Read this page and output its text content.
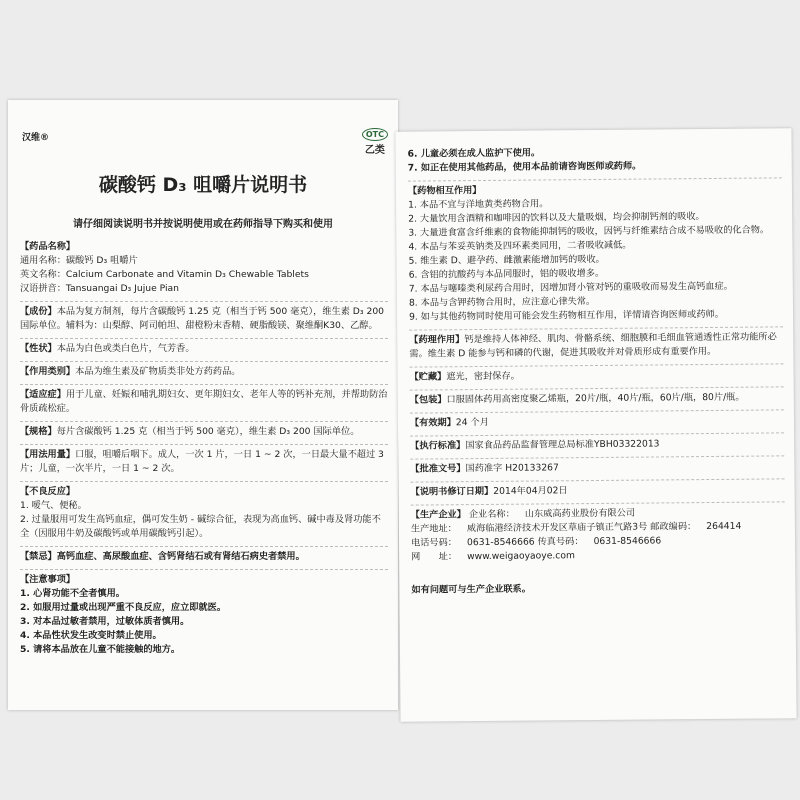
汉维®	OTC
乙类
碳酸钙 D₃ 咀嚼片说明书
请仔细阅读说明书并按说明使用或在药师指导下购买和使用
【药品名称】
通用名称：碳酸钙 D₃ 咀嚼片
英文名称：Calcium Carbonate and Vitamin D₃ Chewable Tablets
汉语拼音：Tansuangai D₃ Jujue Pian
【成份】本品为复方制剂，每片含碳酸钙 1.25 克（相当于钙 500 毫克），维生素 D₃ 200 国际单位。辅料为：山梨醇、阿司帕坦、甜橙粉末香精、硬脂酸镁、聚维酮K30、乙醇。
【性状】本品为白色或类白色片，气芳香。
【作用类别】本品为维生素及矿物质类非处方药药品。
【适应症】用于儿童、妊娠和哺乳期妇女、更年期妇女、老年人等的钙补充剂，并帮助防治骨质疏松症。
【规格】每片含碳酸钙 1.25 克（相当于钙 500 毫克），维生素 D₃ 200 国际单位。
【用法用量】口服，咀嚼后咽下。成人，一次 1 片，一日 1 ~ 2 次，一日最大量不超过 3 片；儿童，一次半片，一日 1 ~ 2 次。
【不良反应】
1. 嗳气、便秘。
2. 过量服用可发生高钙血症，偶可发生奶 - 碱综合征，表现为高血钙、碱中毒及肾功能不全（因服用牛奶及碳酸钙或单用碳酸钙引起）。
【禁忌】高钙血症、高尿酸血症、含钙肾结石或有肾结石病史者禁用。
【注意事项】
1. 心肾功能不全者慎用。
2. 如服用过量或出现严重不良反应，应立即就医。
3. 对本品过敏者禁用，过敏体质者慎用。
4. 本品性状发生改变时禁止使用。
5. 请将本品放在儿童不能接触的地方。
6. 儿童必须在成人监护下使用。
7. 如正在使用其他药品，使用本品前请咨询医师或药师。
【药物相互作用】
1. 本品不宜与洋地黄类药物合用。
2. 大量饮用含酒精和咖啡因的饮料以及大量吸烟，均会抑制钙剂的吸收。
3. 大量进食富含纤维素的食物能抑制钙的吸收，因钙与纤维素结合成不易吸收的化合物。
4. 本品与苯妥英钠类及四环素类同用，二者吸收减低。
5. 维生素 D、避孕药、雌激素能增加钙的吸收。
6. 含铝的抗酸药与本品同服时，铝的吸收增多。
7. 本品与噻嗪类利尿药合用时，因增加肾小管对钙的重吸收而易发生高钙血症。
8. 本品与含钾药物合用时，应注意心律失常。
9. 如与其他药物同时使用可能会发生药物相互作用，详情请咨询医师或药师。
【药理作用】钙是维持人体神经、肌肉、骨骼系统、细胞膜和毛细血管通透性正常功能所必需。维生素 D 能参与钙和磷的代谢，促进其吸收并对骨质形成有重要作用。
【贮藏】遮光，密封保存。
【包装】口服固体药用高密度聚乙烯瓶，20片/瓶，40片/瓶，60片/瓶，80片/瓶。
【有效期】24 个月
【执行标准】国家食品药品监督管理总局标准YBH03322013
【批准文号】国药准字 H20133267
【说明书修订日期】2014年04月02日
【生产企业】 企业名称： 山东威高药业股份有限公司 生产地址： 威海临港经济技术开发区草庙子镇正气路3号 邮政编码： 264414 电话号码： 0631-8546666 传真号码： 0631-8546666 网　　址： www.weigaoyaoye.com
如有问题可与生产企业联系。
